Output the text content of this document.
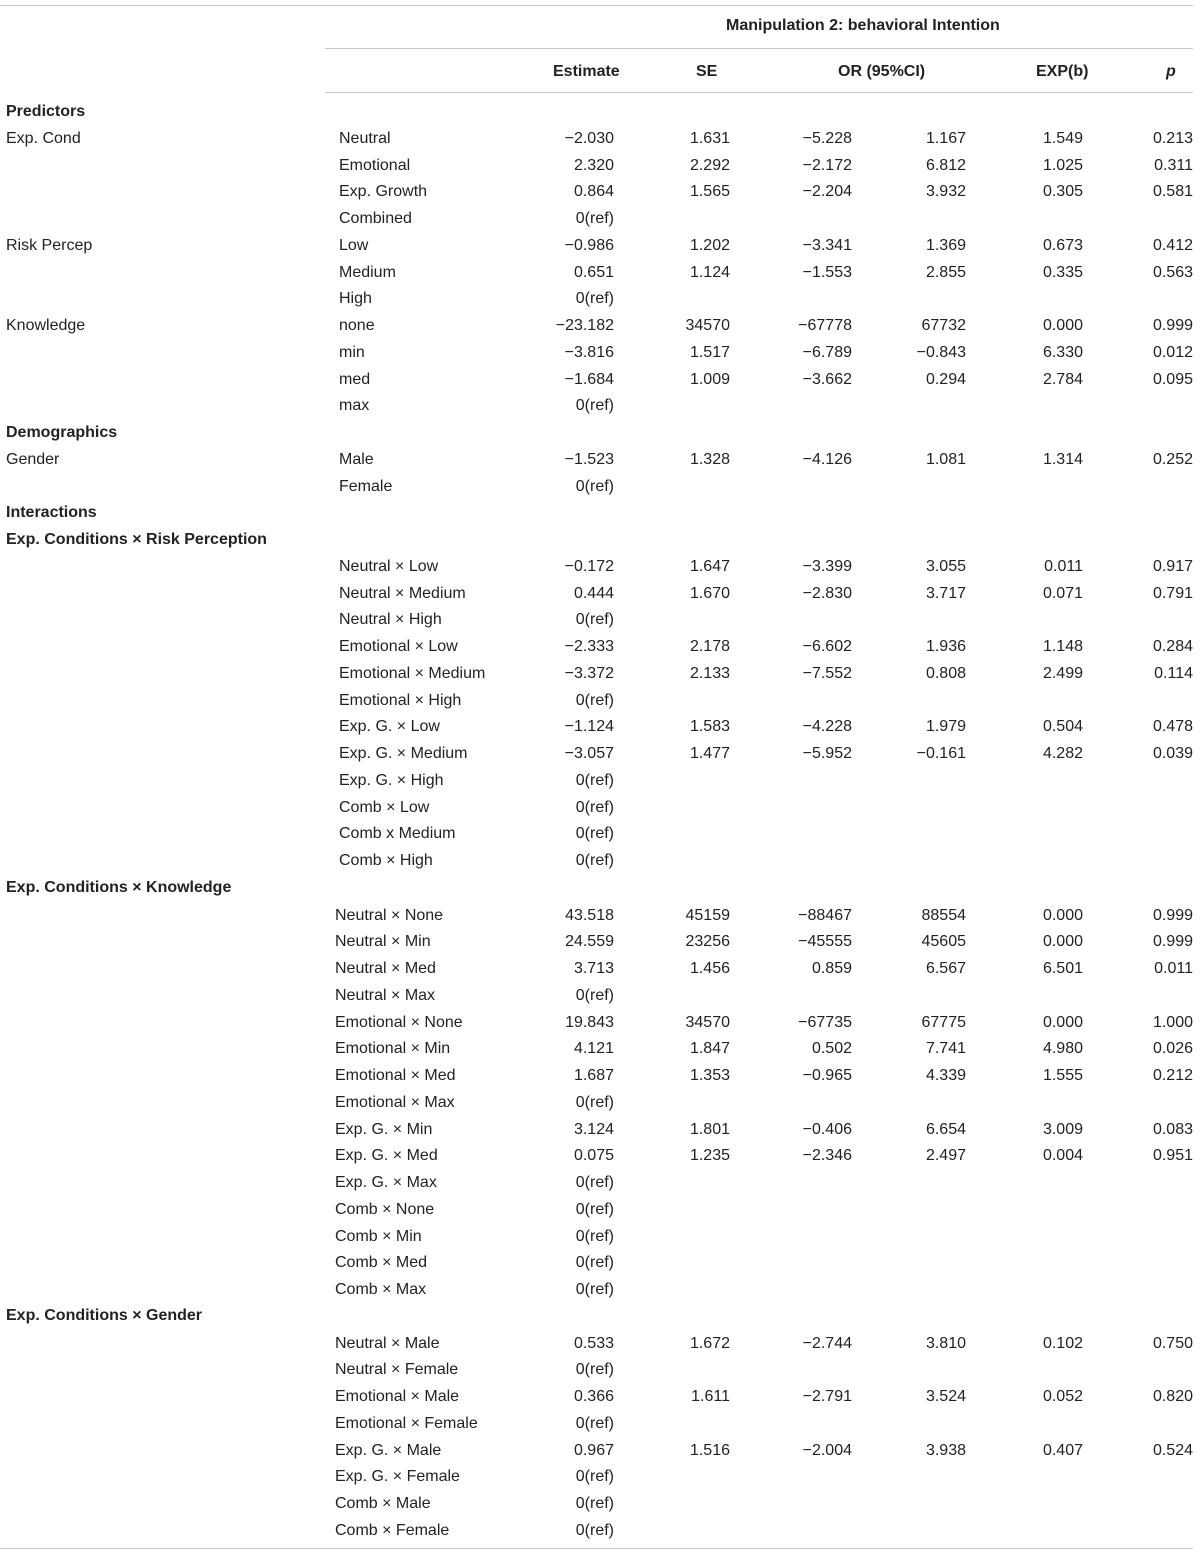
Manipulation 2: behavioral Intention
Estimate	SE	OR (95%CI)	EXP(b)	p
Predictors
Exp. Cond	Neutral	−2.030	1.631	−5.228	1.167	1.549	0.213
Emotional	2.320	2.292	−2.172	6.812	1.025	0.311
Exp. Growth	0.864	1.565	−2.204	3.932	0.305	0.581
Combined	0(ref)
Risk Percep	Low	−0.986	1.202	−3.341	1.369	0.673	0.412
Medium	0.651	1.124	−1.553	2.855	0.335	0.563
High	0(ref)
Knowledge	none	−23.182	34570	−67778	67732	0.000	0.999
min	−3.816	1.517	−6.789	−0.843	6.330	0.012
med	−1.684	1.009	−3.662	0.294	2.784	0.095
max	0(ref)
Demographics
Gender	Male	−1.523	1.328	−4.126	1.081	1.314	0.252
Female	0(ref)
Interactions
Exp. Conditions × Risk Perception
Neutral × Low	−0.172	1.647	−3.399	3.055	0.011	0.917
Neutral × Medium	0.444	1.670	−2.830	3.717	0.071	0.791
Neutral × High	0(ref)
Emotional × Low	−2.333	2.178	−6.602	1.936	1.148	0.284
Emotional × Medium	−3.372	2.133	−7.552	0.808	2.499	0.114
Emotional × High	0(ref)
Exp. G. × Low	−1.124	1.583	−4.228	1.979	0.504	0.478
Exp. G. × Medium	−3.057	1.477	−5.952	−0.161	4.282	0.039
Exp. G. × High	0(ref)
Comb × Low	0(ref)
Comb x Medium	0(ref)
Comb × High	0(ref)
Exp. Conditions × Knowledge
Neutral × None	43.518	45159	−88467	88554	0.000	0.999
Neutral × Min	24.559	23256	−45555	45605	0.000	0.999
Neutral × Med	3.713	1.456	0.859	6.567	6.501	0.011
Neutral × Max	0(ref)
Emotional × None	19.843	34570	−67735	67775	0.000	1.000
Emotional × Min	4.121	1.847	0.502	7.741	4.980	0.026
Emotional × Med	1.687	1.353	−0.965	4.339	1.555	0.212
Emotional × Max	0(ref)
Exp. G. × Min	3.124	1.801	−0.406	6.654	3.009	0.083
Exp. G. × Med	0.075	1.235	−2.346	2.497	0.004	0.951
Exp. G. × Max	0(ref)
Comb × None	0(ref)
Comb × Min	0(ref)
Comb × Med	0(ref)
Comb × Max	0(ref)
Exp. Conditions × Gender
Neutral × Male	0.533	1.672	−2.744	3.810	0.102	0.750
Neutral × Female	0(ref)
Emotional × Male	0.366	1.611	−2.791	3.524	0.052	0.820
Emotional × Female	0(ref)
Exp. G. × Male	0.967	1.516	−2.004	3.938	0.407	0.524
Exp. G. × Female	0(ref)
Comb × Male	0(ref)
Comb × Female	0(ref)
